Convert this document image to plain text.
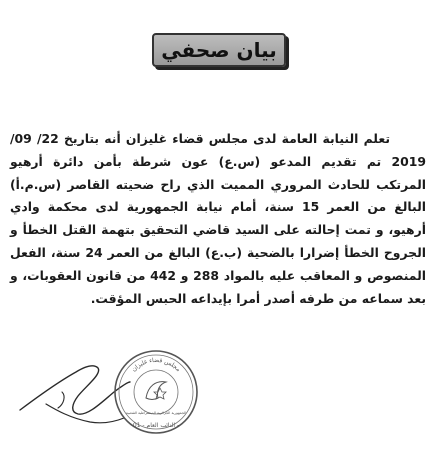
بيان صحفي

تعلم النيابة العامة لدى مجلس قضاء غليزان أنه بتاريخ 22/ 09/ 2019 تم تقديم المدعو (س.ع) عون شرطة بأمن دائرة أرهيو المرتكب للحادث المروري المميت الذي راح ضحيته القاصر (س.م.أ) البالغ من العمر 15 سنة، أمام نيابة الجمهورية لدى محكمة وادي أرهيو، و تمت إحالته على السيد قاضي التحقيق بتهمة القتل الخطأ و الجروح الخطأ إضرارا بالضحية (ب.ع) البالغ من العمر 24 سنة، الفعل المنصوص و المعاقب عليه بالمواد 288 و 442 من قانون العقوبات، و بعد سماعه من طرفه أصدر أمرا بإيداعه الحبس المؤقت.

مجلس قضاء غليزان
الجمهورية الجزائرية الديمقراطية الشعبية
النائب العام - 01 -
